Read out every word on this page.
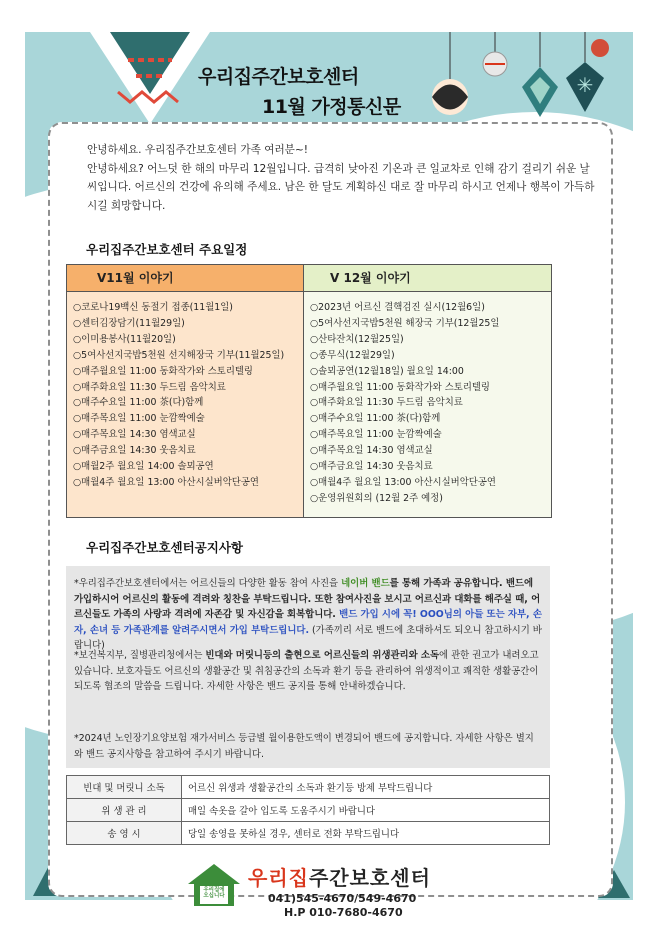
✳
우리집주간보호센터
11월 가정통신문
안녕하세요. 우리집주간보호센터 가족 여러분~!
안녕하세요? 어느덧 한 해의 마무리 12월입니다. 급격히 낮아진 기온과 큰 일교차로 인해 감기 걸리기 쉬운 날씨입니다. 어르신의 건강에 유의해 주세요. 남은 한 달도 계획하신 대로 잘 마무리 하시고 언제나 행복이 가득하시길 희망합니다.
우리집주간보호센터 주요일정
Ⅴ11월 이야기
○코로나19백신 동절기 접종(11월1일)
○센터김장담기(11월29일)
○이미용봉사(11월20일)
○5여사선지국밥5천원 선지해장국 기부(11월25일)
○매주월요일 11:00 동화작가와 스토리텔링
○매주화요일 11:30 두드림 음악치료
○매주수요일 11:00 茶(다)함께
○매주목요일 11:00 눈깜짝예술
○매주목요일 14:30 염색교실
○매주금요일 14:30 웃음치료
○매월2주 월요일 14:00 솔뫼공연
○매월4주 월요일 13:00 아산시실버악단공연
Ⅴ 12월 이야기
○2023년 어르신 결핵검진 실시(12월6일)
○5여사선지국밥5천원 해장국 기부(12월25일
○산타잔치(12월25일)
○종무식(12월29일)
○솔뫼공연(12월18일) 월요일 14:00
○매주월요일 11:00 동화작가와 스토리텔링
○매주화요일 11:30 두드림 음악치료
○매주수요일 11:00 茶(다)함께
○매주목요일 11:00 눈깜짝예술
○매주목요일 14:30 염색교실
○매주금요일 14:30 웃음치료
○매월4주 월요일 13:00 아산시실버악단공연
○운영위원회의 (12월 2주 예정)
우리집주간보호센터공지사항

*우리집주간보호센터에서는 어르신들의 다양한 활동 참여 사진을 네이버 밴드를 통해 가족과 공유합니다. 밴드에 가입하시어 어르신의 활동에 격려와 칭찬을 부탁드립니다. 또한 참여사진을 보시고 어르신과 대화를 해주실 때, 어르신들도 가족의 사랑과 격려에 자존감 및 자신감을 회복합니다. 밴드 가입 시에 꼭! OOO님의 아들 또는 자부, 손자, 손녀 등 가족관계를 알려주시면서 가입 부탁드립니다. (가족끼리 서로 밴드에 초대하셔도 되오니 참고하시기 바랍니다)

*보건복지부, 질병관리청에서는 빈대와 머릿니등의 출현으로 어르신들의 위생관리와 소독에 관한 권고가 내려오고 있습니다. 보호자들도 어르신의 생활공간 및 취침공간의 소독과 환기 등을 관리하여 위생적이고 쾌적한 생활공간이 되도록 협조의 말씀을 드립니다. 자세한 사항은 밴드 공지를 통해 안내하겠습니다.

*2024년 노인장기요양보험 재가서비스 등급별 월이용한도액이 변경되어 밴드에 공지합니다. 자세한 사항은 별지와 밴드 공지사항을 참고하여 주시기 바랍니다.

빈대 및 머릿니 소독	어르신 위생과 생활공간의 소독과 환기등 방제 부탁드립니다
위 생 관 리	매일 속옷을 갈아 입도록 도움주시기 바랍니다
송 영 시	당일 송영을 못하실 경우, 센터로 전화 부탁드립니다
우리집에 오십니다
우리집주간보호센터
041)545-4670/549-4670
H.P 010-7680-4670
